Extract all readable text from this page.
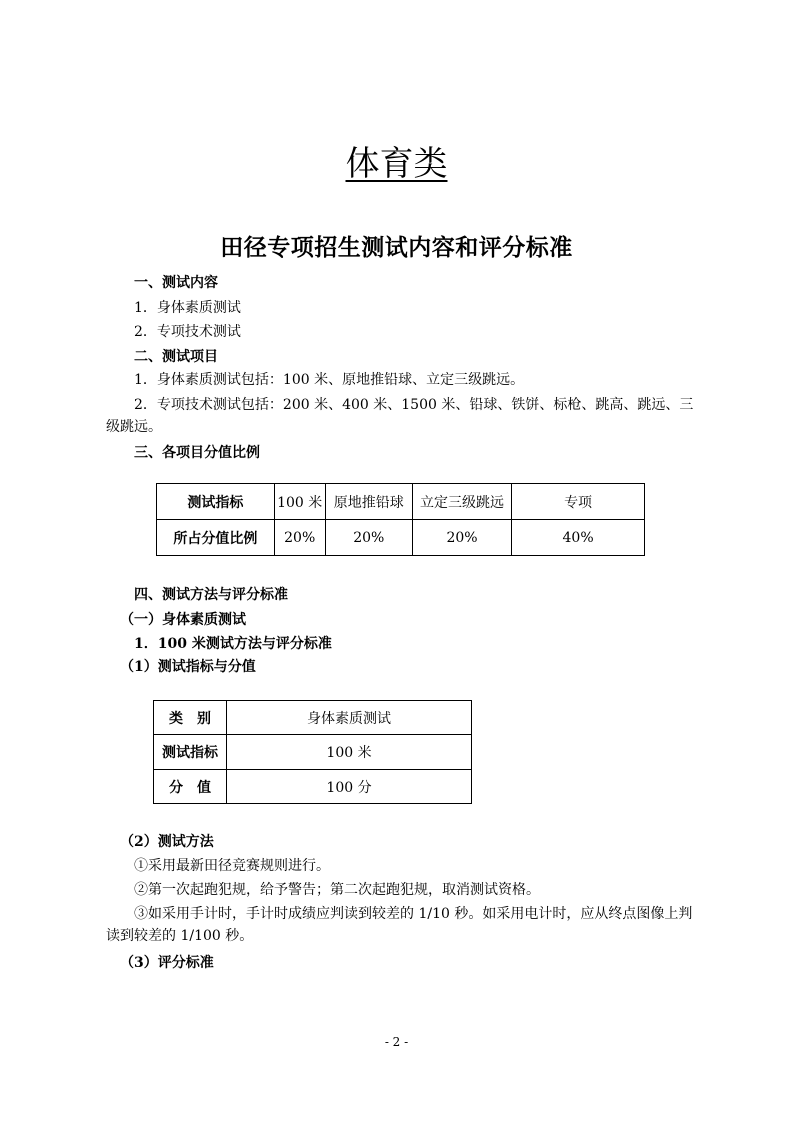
体育类
田径专项招生测试内容和评分标准
一、测试内容
1．身体素质测试
2．专项技术测试
二、测试项目
1．身体素质测试包括：100 米、原地推铅球、立定三级跳远。
2．专项技术测试包括：200 米、400 米、1500 米、铅球、铁饼、标枪、跳高、跳远、三级跳远。
三、各项目分值比例
测试指标	100 米	原地推铅球	立定三级跳远	专项
所占分值比例	20%	20%	20%	40%
四、测试方法与评分标准
（一）身体素质测试
1．100 米测试方法与评分标准
（1）测试指标与分值
类　别	身体素质测试
测试指标	100 米
分　值	100 分
（2）测试方法
①采用最新田径竞赛规则进行。
②第一次起跑犯规，给予警告；第二次起跑犯规，取消测试资格。
③如采用手计时，手计时成绩应判读到较差的 1/10 秒。如采用电计时，应从终点图像上判读到较差的 1/100 秒。
（3）评分标准
- 2 -
